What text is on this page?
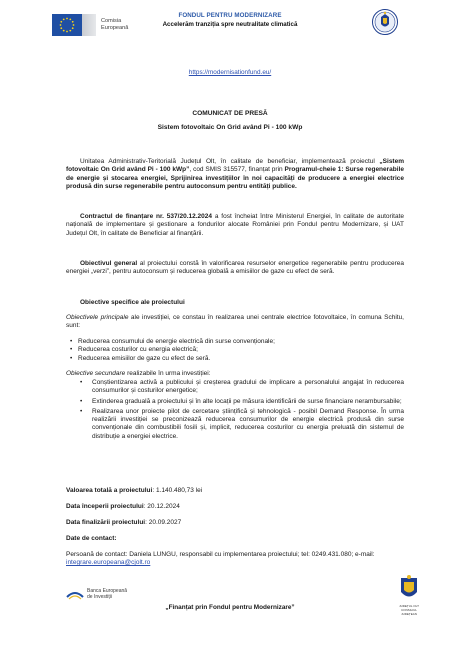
Comisia
Europeană
FONDUL PENTRU MODERNIZARE
Accelerăm tranziția spre neutralitate climatică
https://modernisationfund.eu/
COMUNICAT DE PRESĂ
Sistem fotovoltaic On Grid având Pi - 100 kWp
Unitatea Administrativ-Teritorială Județul Olt, în calitate de beneficiar, implementează proiectul „Sistem fotovoltaic On Grid având Pi - 100 kWp”, cod SMIS 315577, finanțat prin Programul-cheie 1: Surse regenerabile de energie și stocarea energiei, Sprijinirea investițiilor în noi capacități de producere a energiei electrice produsă din surse regenerabile pentru autoconsum pentru entități publice.
Contractul de finanțare nr. 537/20.12.2024 a fost încheiat între Ministerul Energiei, în calitate de autoritate națională de implementare și gestionare a fondurilor alocate României prin Fondul pentru Modernizare, și UAT Județul Olt, în calitate de Beneficiar al finanțării.
Obiectivul general al proiectului constă în valorificarea resurselor energetice regenerabile pentru producerea energiei „verzi”, pentru autoconsum și reducerea globală a emisiilor de gaze cu efect de seră.
Obiective specifice ale proiectului
Obiectivele principale ale investiției, ce constau în realizarea unei centrale electrice fotovoltaice, în comuna Schitu, sunt:
• Reducerea consumului de energie electrică din surse convenționale;
• Reducerea costurilor cu energia electrică;
• Reducerea emisiilor de gaze cu efect de seră.
Obiective secundare realizabile în urma investiției:
• Conștientizarea activă a publicului și creșterea gradului de implicare a personalului angajat în reducerea consumurilor și costurilor energetice;
• Extinderea graduală a proiectului și în alte locații pe măsura identificării de surse financiare nerambursabile;
• Realizarea unor proiecte pilot de cercetare științifică și tehnologică - posibil Demand Response. În urma realizării investiției se preconizează reducerea consumurilor de energie electrică produsă din surse convenționale din combustibili fosili și, implicit, reducerea costurilor cu energia preluată din sistemul de distribuție a energiei electrice.
Valoarea totală a proiectului: 1.140.480,73 lei
Data începerii proiectului: 20.12.2024
Data finalizării proiectului: 20.09.2027
Date de contact:
Persoană de contact: Daniela LUNGU, responsabil cu implementarea proiectului; tel: 0249.431.080; e-mail: integrare.europeana@cjolt.ro
Banca Europeană
de Investiții
„Finanțat prin Fondul pentru Modernizare”	JUDEȚUL OLT
CONSILIUL JUDEȚEAN
